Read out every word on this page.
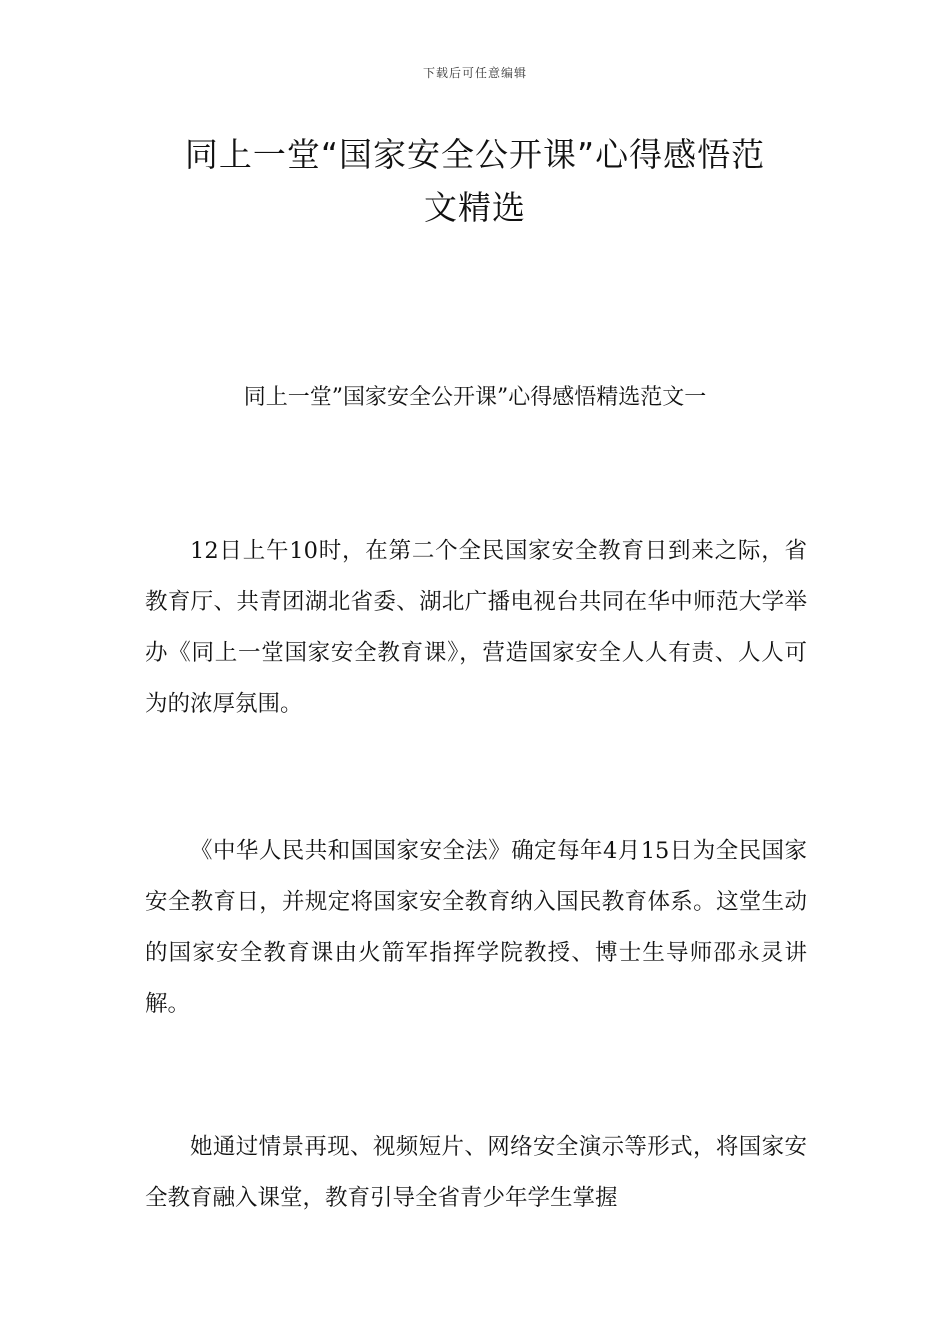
下载后可任意编辑
同上一堂“国家安全公开课”心得感悟范
文精选
同上一堂”国家安全公开课”心得感悟精选范文一

12日上午10时，在第二个全民国家安全教育日到来之际，省教育厅、共青团湖北省委、湖北广播电视台共同在华中师范大学举办《同上一堂国家安全教育课》，营造国家安全人人有责、人人可为的浓厚氛围。

《中华人民共和国国家安全法》确定每年4月15日为全民国家安全教育日，并规定将国家安全教育纳入国民教育体系。这堂生动的国家安全教育课由火箭军指挥学院教授、博士生导师邵永灵讲解。

她通过情景再现、视频短片、网络安全演示等形式，将国家安全教育融入课堂，教育引导全省青少年学生掌握
